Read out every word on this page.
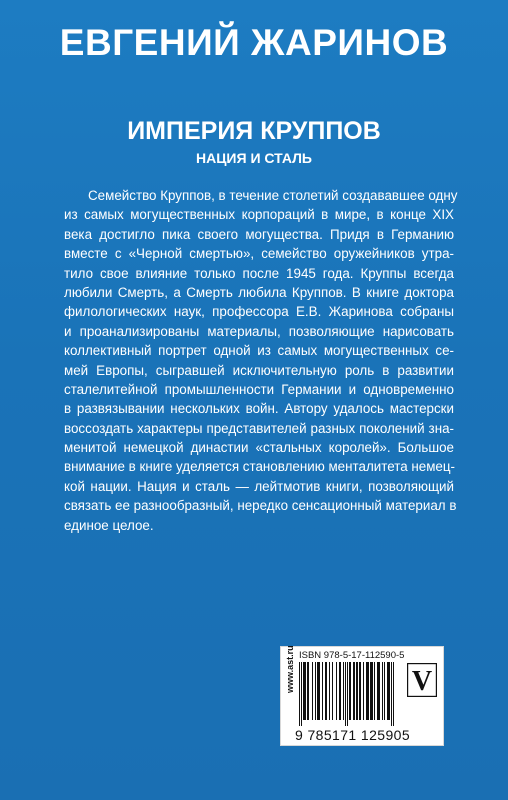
ЕВГЕНИЙ ЖАРИНОВ
ИМПЕРИЯ КРУППОВ
НАЦИЯ И СТАЛЬ
Семейство Круппов, в течение столетий создававшее одну
из самых могущественных корпораций в мире, в конце XIX
века достигло пика своего могущества. Придя в Германию
вместе с «Черной смертью», семейство оружейников утра-
тило свое влияние только после 1945 года. Круппы всегда
любили Смерть, а Смерть любила Круппов. В книге доктора
филологических наук, профессора Е.В. Жаринова собраны
и проанализированы материалы, позволяющие нарисовать
коллективный портрет одной из самых могущественных се-
мей Европы, сыгравшей исключительную роль в развитии
сталелитейной промышленности Германии и одновременно
в развязывании нескольких войн. Автору удалось мастерски
воссоздать характеры представителей разных поколений зна-
менитой немецкой династии «стальных королей». Большое
внимание в книге уделяется становлению менталитета немец-
кой нации. Нация и сталь — лейтмотив книги, позволяющий
связать ее разнообразный, нередко сенсационный материал в
единое целое.
www.ast.ru ISBN 978-5-17-112590-5
9 785171 125905
V
